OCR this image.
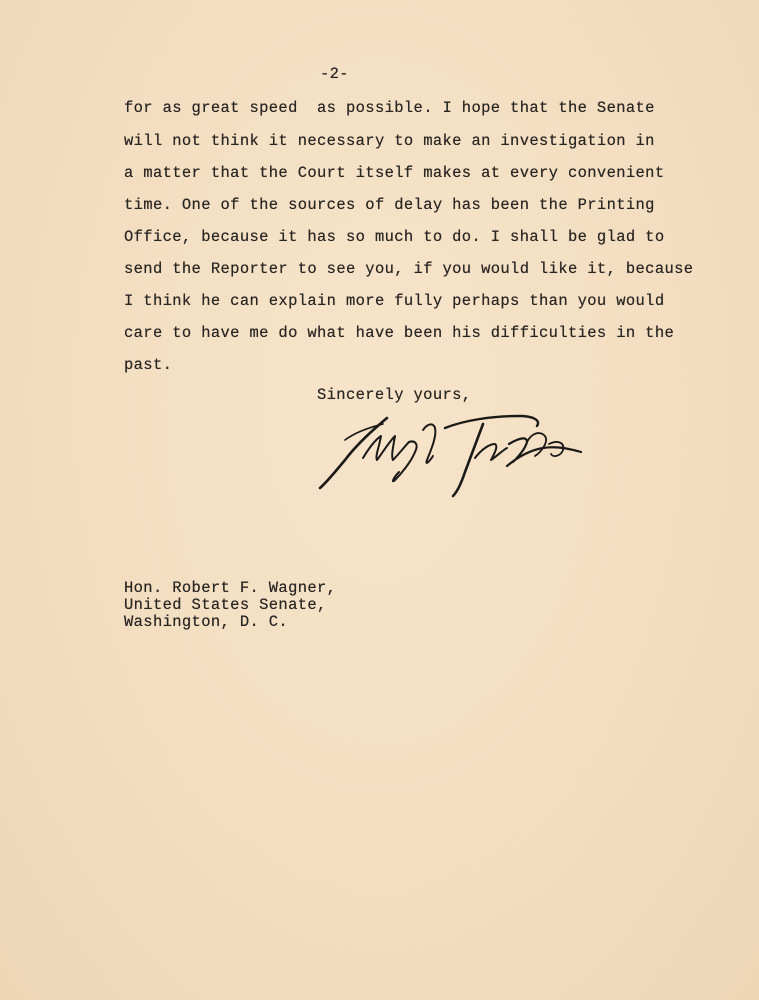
-2-
for as great speed  as possible. I hope that the Senate
will not think it necessary to make an investigation in
a matter that the Court itself makes at every convenient
time. One of the sources of delay has been the Printing
Office, because it has so much to do. I shall be glad to
send the Reporter to see you, if you would like it, because
I think he can explain more fully perhaps than you would
care to have me do what have been his difficulties in the
past.
Sincerely yours,
Hon. Robert F. Wagner,
United States Senate,
Washington, D. C.
